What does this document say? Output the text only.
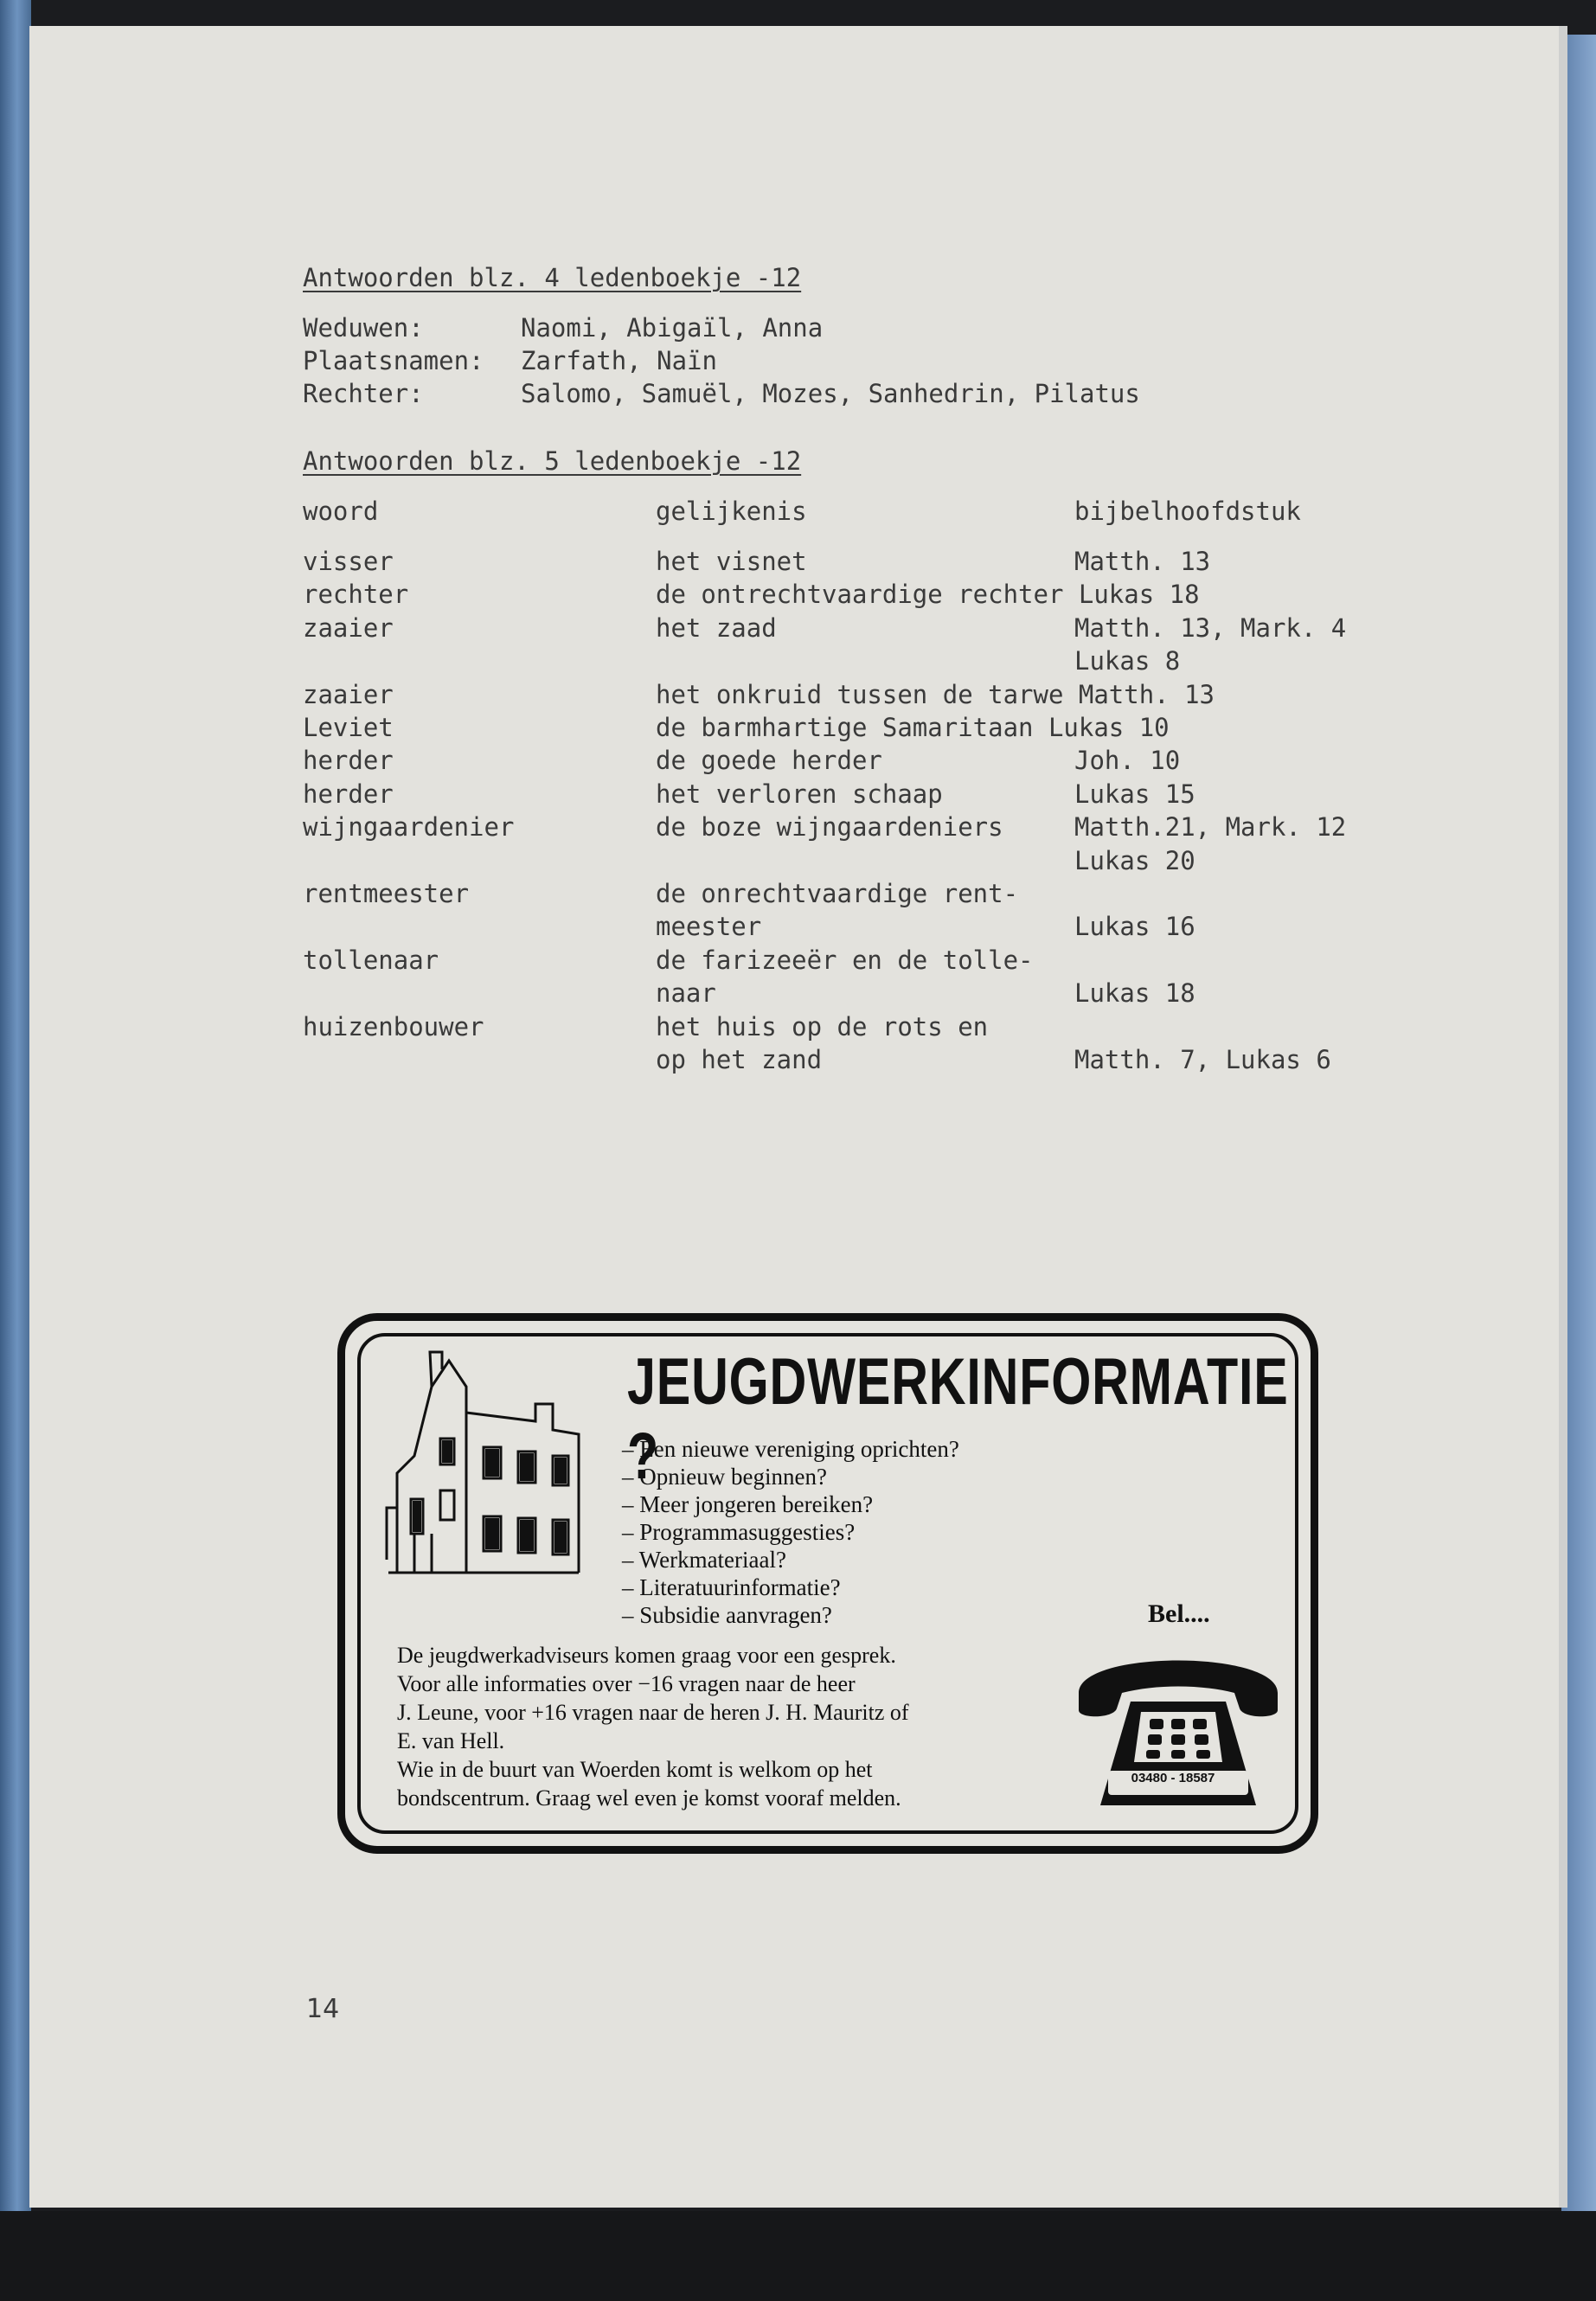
Antwoorden blz. 4 ledenboekje -12
Weduwen:	Naomi, Abigaïl, Anna
Plaatsnamen: Zarfath, Naïn
Rechter:	Salomo, Samuël, Mozes, Sanhedrin, Pilatus
Antwoorden blz. 5 ledenboekje -12
woord	gelijkenis	bijbelhoofdstuk
visser	het visnet	Matth. 13
rechter	de ontrechtvaardige rechter Lukas 18
zaaier	het zaad	Matth. 13, Mark. 4
Lukas 8
zaaier	het onkruid tussen de tarwe Matth. 13
Leviet	de barmhartige Samaritaan Lukas 10
herder	de goede herder	Joh. 10
herder	het verloren schaap	Lukas 15
wijngaardenier	de boze wijngaardeniers	Matth.21, Mark. 12
Lukas 20
rentmeester	de onrechtvaardige rent-
meester	Lukas 16
tollenaar	de farizeeër en de tolle-
naar	Lukas 18
huizenbouwer	het huis op de rots en
op het zand	Matth. 7, Lukas 6
JEUGDWERKINFORMATIE ?
– Een nieuwe vereniging oprichten?
– Opnieuw beginnen?
– Meer jongeren bereiken?
– Programmasuggesties?
– Werkmateriaal?
– Literatuurinformatie?
– Subsidie aanvragen?	Bel....
De jeugdwerkadviseurs komen graag voor een gesprek.
Voor alle informaties over −16 vragen naar de heer
J. Leune, voor +16 vragen naar de heren J. H. Mauritz of
E. van Hell.
Wie in de buurt van Woerden komt is welkom op het
bondscentrum. Graag wel even je komst vooraf melden.
03480 - 18587
14
